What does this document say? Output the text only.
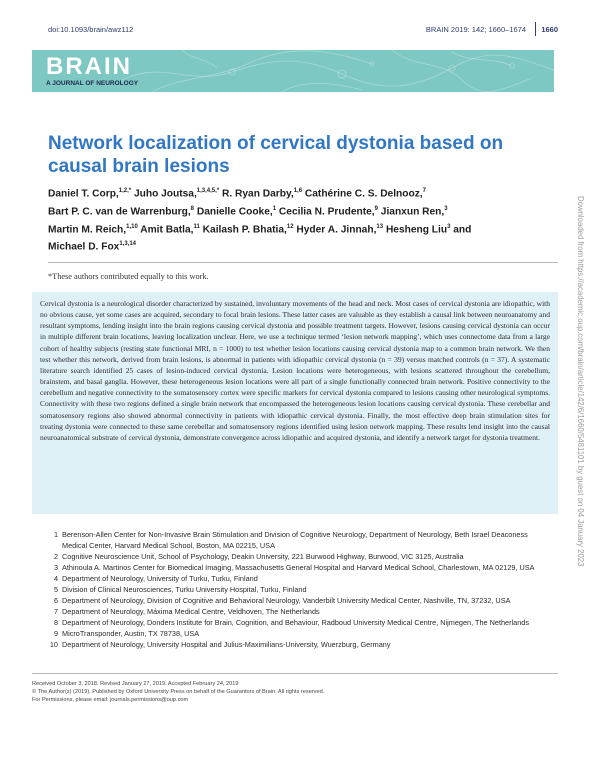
doi:10.1093/brain/awz112	BRAIN 2019: 142; 1660–1674 1660
BRAIN
A JOURNAL OF NEUROLOGY
Network localization of cervical dystonia based on causal brain lesions
Daniel T. Corp,$^{1,2,*}$ Juho Joutsa,$^{1,3,4,5,*}$ R. Ryan Darby,$^{1,6}$ Cathérine C. S. Delnooz,$^7$
Bart P. C. van de Warrenburg,$^8$ Danielle Cooke,$^1$ Cecilia N. Prudente,$^9$ Jianxun Ren,$^3$
Martin M. Reich,$^{1,10}$ Amit Batla,$^{11}$ Kailash P. Bhatia,$^{12}$ Hyder A. Jinnah,$^{13}$ Hesheng Liu$^3$ and
Michael D. Fox$^{1,3,14}$
*These authors contributed equally to this work.

Cervical dystonia is a neurological disorder characterized by sustained, involuntary movements of the head and neck. Most cases of cervical dystonia are idiopathic, with no obvious cause, yet some cases are acquired, secondary to focal brain lesions. These latter cases are valuable as they establish a causal link between neuroanatomy and resultant symptoms, lending insight into the brain regions causing cervical dystonia and possible treatment targets. However, lesions causing cervical dystonia can occur in multiple different brain locations, leaving localization unclear. Here, we use a technique termed ‘lesion network mapping’, which uses connectome data from a large cohort of healthy subjects (resting state functional MRI, n = 1000) to test whether lesion locations causing cervical dystonia map to a common brain network. We then test whether this network, derived from brain lesions, is abnormal in patients with idiopathic cervical dystonia (n = 39) versus matched controls (n = 37). A systematic literature search identified 25 cases of lesion-induced cervical dystonia. Lesion locations were heterogeneous, with lesions scattered throughout the cerebellum, brainstem, and basal ganglia. However, these heterogeneous lesion locations were all part of a single functionally connected brain network. Positive connectivity to the cerebellum and negative connectivity to the somatosensory cortex were specific markers for cervical dystonia compared to lesions causing other neurological symptoms. Connectivity with these two regions defined a single brain network that encompassed the heterogeneous lesion locations causing cervical dystonia. These cerebellar and somatosensory regions also showed abnormal connectivity in patients with idiopathic cervical dystonia. Finally, the most effective deep brain stimulation sites for treating dystonia were connected to these same cerebellar and somatosensory regions identified using lesion network mapping. These results lend insight into the causal neuroanatomical substrate of cervical dystonia, demonstrate convergence across idiopathic and acquired dystonia, and identify a network target for dystonia treatment.

1 Berenson-Allen Center for Non-Invasive Brain Stimulation and Division of Cognitive Neurology, Department of Neurology, Beth Israel Deaconess Medical Center, Harvard Medical School, Boston, MA 02215, USA
2 Cognitive Neuroscience Unit, School of Psychology, Deakin University, 221 Burwood Highway, Burwood, VIC 3125, Australia
3 Athinoula A. Martinos Center for Biomedical Imaging, Massachusetts General Hospital and Harvard Medical School, Charlestown, MA 02129, USA
4 Department of Neurology, University of Turku, Turku, Finland
5 Division of Clinical Neurosciences, Turku University Hospital, Turku, Finland
6 Department of Neurology, Division of Cognitive and Behavioral Neurology, Vanderbilt University Medical Center, Nashville, TN, 37232, USA
7 Department of Neurology, Máxima Medical Centre, Veldhoven, The Netherlands
8 Department of Neurology, Donders Institute for Brain, Cognition, and Behaviour, Radboud University Medical Centre, Nijmegen, The Netherlands
9 MicroTransponder, Austin, TX 78738, USA
10 Department of Neurology, University Hospital and Julius-Maximilians-University, Wuerzburg, Germany
Received October 3, 2018. Revised January 27, 2019. Accepted February 24, 2019
© The Author(s) (2019). Published by Oxford University Press on behalf of the Guarantors of Brain. All rights reserved.
For Permissions, please email: journals.permissions@oup.com
Downloaded from https://academic.oup.com/brain/article/142/6/1660/5481101 by guest on 04 January 2023
